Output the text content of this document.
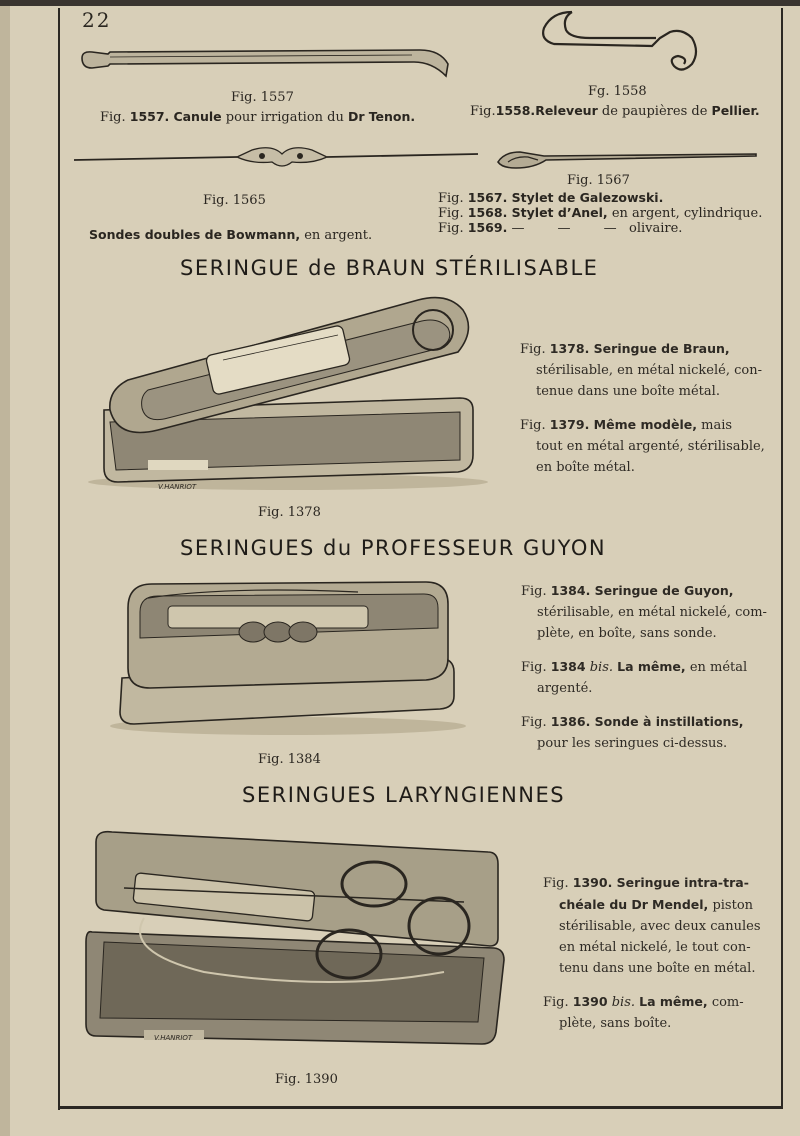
22
Fig. 1557
Fig. 1557. Canule pour irrigation du Dr Tenon.
Fg. 1558
Fig.1558.Releveur de paupières de Pellier.
Fig. 1565
Sondes doubles de Bowmann, en argent.
Fig. 1567
Fig. 1567. Stylet de Galezowski.
Fig. 1568. Stylet d’Anel, en argent, cylindrique.
Fig. 1569. —        —        — olivaire.
SERINGUE de BRAUN STÉRILISABLE
V.HANRIOT
Fig. 1378

Fig. 1378. Seringue de Braun,
stérilisable, en métal nickelé, con-
tenue dans une boîte métal.

Fig. 1379. Même modèle, mais
tout en métal argenté, stérilisable,
en boîte métal.

SERINGUES du PROFESSEUR GUYON
Fig. 1384

Fig. 1384. Seringue de Guyon,
stérilisable, en métal nickelé, com-
plète, en boîte, sans sonde.

Fig. 1384 bis. La même, en métal
argenté.

Fig. 1386. Sonde à instillations,
pour les seringues ci-dessus.

SERINGUES LARYNGIENNES
V.HANRIOT
Fig. 1390

Fig. 1390. Seringue intra-tra-
chéale du Dr Mendel, piston
stérilisable, avec deux canules
en métal nickelé, le tout con-
tenu dans une boîte en métal.

Fig. 1390 bis. La même, com-
plète, sans boîte.
